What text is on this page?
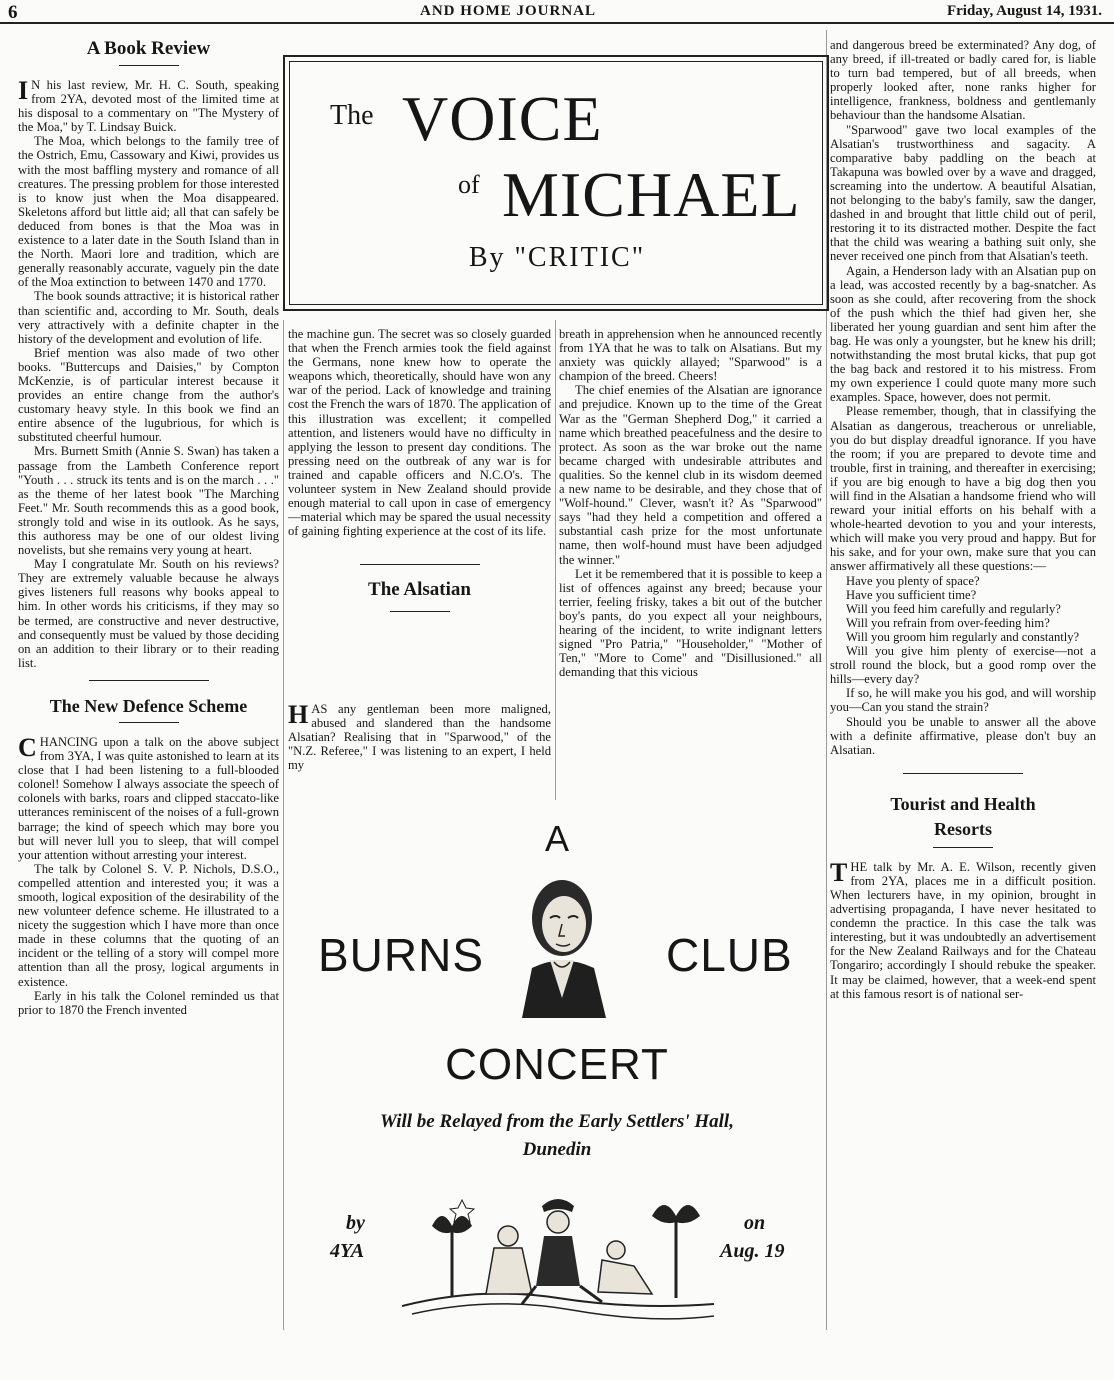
6	AND HOME JOURNAL	Friday, August 14, 1931.
A Book Review

I N his last review, Mr. H. C. South, speaking from 2YA, devoted most of the limited time at his disposal to a commentary on "The Mystery of the Moa," by T. Lindsay Buick.

The Moa, which belongs to the family tree of the Ostrich, Emu, Cassowary and Kiwi, provides us with the most baffling mystery and romance of all creatures. The pressing problem for those interested is to know just when the Moa disappeared. Skeletons afford but little aid; all that can safely be deduced from bones is that the Moa was in existence to a later date in the South Island than in the North. Maori lore and tradition, which are generally reasonably accurate, vaguely pin the date of the Moa extinction to between 1470 and 1770.

The book sounds attractive; it is historical rather than scientific and, according to Mr. South, deals very attractively with a definite chapter in the history of the development and evolution of life.

Brief mention was also made of two other books. "Buttercups and Daisies," by Compton McKenzie, is of particular interest because it provides an entire change from the author's customary heavy style. In this book we find an entire absence of the lugubrious, for which is substituted cheerful humour.

Mrs. Burnett Smith (Annie S. Swan) has taken a passage from the Lambeth Conference report "Youth . . . struck its tents and is on the march . . ." as the theme of her latest book "The Marching Feet." Mr. South recommends this as a good book, strongly told and wise in its outlook. As he says, this authoress may be one of our oldest living novelists, but she remains very young at heart.

May I congratulate Mr. South on his reviews? They are extremely valuable because he always gives listeners full reasons why books appeal to him. In other words his criticisms, if they may so be termed, are constructive and never destructive, and consequently must be valued by those deciding on an addition to their library or to their reading list.

The New Defence Scheme

CHANCING upon a talk on the above subject from 3YA, I was quite astonished to learn at its close that I had been listening to a full-blooded colonel! Somehow I always associate the speech of colonels with barks, roars and clipped staccato-like utterances reminiscent of the noises of a full-grown barrage; the kind of speech which may bore you but will never lull you to sleep, that will compel your attention without arresting your interest.

The talk by Colonel S. V. P. Nichols, D.S.O., compelled attention and interested you; it was a smooth, logical exposition of the desirability of the new volunteer defence scheme. He illustrated to a nicety the suggestion which I have more than once made in these columns that the quoting of an incident or the telling of a story will compel more attention than all the prosy, logical arguments in existence.

Early in his talk the Colonel reminded us that prior to 1870 the French invented

The VOICE
of MICHAEL
By "CRITIC"

the machine gun. The secret was so closely guarded that when the French armies took the field against the Germans, none knew how to operate the weapons which, theoretically, should have won any war of the period. Lack of knowledge and training cost the French the wars of 1870. The application of this illustration was excellent; it compelled attention, and listeners would have no difficulty in applying the lesson to present day conditions. The pressing need on the outbreak of any war is for trained and capable officers and N.C.O's. The volunteer system in New Zealand should provide enough material to call upon in case of emergency—material which may be spared the usual necessity of gaining fighting experience at the cost of its life.

The Alsatian

HAS any gentleman been more maligned, abused and slandered than the handsome Alsatian? Realising that in "Sparwood," of the "N.Z. Referee," I was listening to an expert, I held my

breath in apprehension when he announced recently from 1YA that he was to talk on Alsatians. But my anxiety was quickly allayed; "Sparwood" is a champion of the breed. Cheers!

The chief enemies of the Alsatian are ignorance and prejudice. Known up to the time of the Great War as the "German Shepherd Dog," it carried a name which breathed peacefulness and the desire to protect. As soon as the war broke out the name became charged with undesirable attributes and qualities. So the kennel club in its wisdom deemed a new name to be desirable, and they chose that of "Wolf-hound." Clever, wasn't it? As "Sparwood" says "had they held a competition and offered a substantial cash prize for the most unfortunate name, then wolf-hound must have been adjudged the winner."

Let it be remembered that it is possible to keep a list of offences against any breed; because your terrier, feeling frisky, takes a bit out of the butcher boy's pants, do you expect all your neighbours, hearing of the incident, to write indignant letters signed "Pro Patria," "Householder," "Mother of Ten," "More to Come" and "Disillusioned." all demanding that this vicious

A
BURNS	CLUB
CONCERT
Will be Relayed from the Early Settlers' Hall,
Dunedin
by
4YA
on
Aug. 19

and dangerous breed be exterminated? Any dog, of any breed, if ill-treated or badly cared for, is liable to turn bad tempered, but of all breeds, when properly looked after, none ranks higher for intelligence, frankness, boldness and gentlemanly behaviour than the handsome Alsatian.

"Sparwood" gave two local examples of the Alsatian's trustworthiness and sagacity. A comparative baby paddling on the beach at Takapuna was bowled over by a wave and dragged, screaming into the undertow. A beautiful Alsatian, not belonging to the baby's family, saw the danger, dashed in and brought that little child out of peril, restoring it to its distracted mother. Despite the fact that the child was wearing a bathing suit only, she never received one pinch from that Alsatian's teeth.

Again, a Henderson lady with an Alsatian pup on a lead, was accosted recently by a bag-snatcher. As soon as she could, after recovering from the shock of the push which the thief had given her, she liberated her young guardian and sent him after the bag. He was only a youngster, but he knew his drill; notwithstanding the most brutal kicks, that pup got the bag back and restored it to his mistress. From my own experience I could quote many more such examples. Space, however, does not permit.

Please remember, though, that in classifying the Alsatian as dangerous, treacherous or unreliable, you do but display dreadful ignorance. If you have the room; if you are prepared to devote time and trouble, first in training, and thereafter in exercising; if you are big enough to have a big dog then you will find in the Alsatian a handsome friend who will reward your initial efforts on his behalf with a whole-hearted devotion to you and your interests, which will make you very proud and happy. But for his sake, and for your own, make sure that you can answer affirmatively all these questions:—

Have you plenty of space?

Have you sufficient time?

Will you feed him carefully and regularly?

Will you refrain from over-feeding him?

Will you groom him regularly and constantly?

Will you give him plenty of exercise—not a stroll round the block, but a good romp over the hills—every day?

If so, he will make you his god, and will worship you—Can you stand the strain?

Should you be unable to answer all the above with a definite affirmative, please don't buy an Alsatian.

Tourist and Health Resorts

THE talk by Mr. A. E. Wilson, recently given from 2YA, places me in a difficult position. When lecturers have, in my opinion, brought in advertising propaganda, I have never hesitated to condemn the practice. In this case the talk was interesting, but it was undoubtedly an advertisement for the New Zealand Railways and for the Chateau Tongariro; accordingly I should rebuke the speaker. It may be claimed, however, that a week-end spent at this famous resort is of national ser-
